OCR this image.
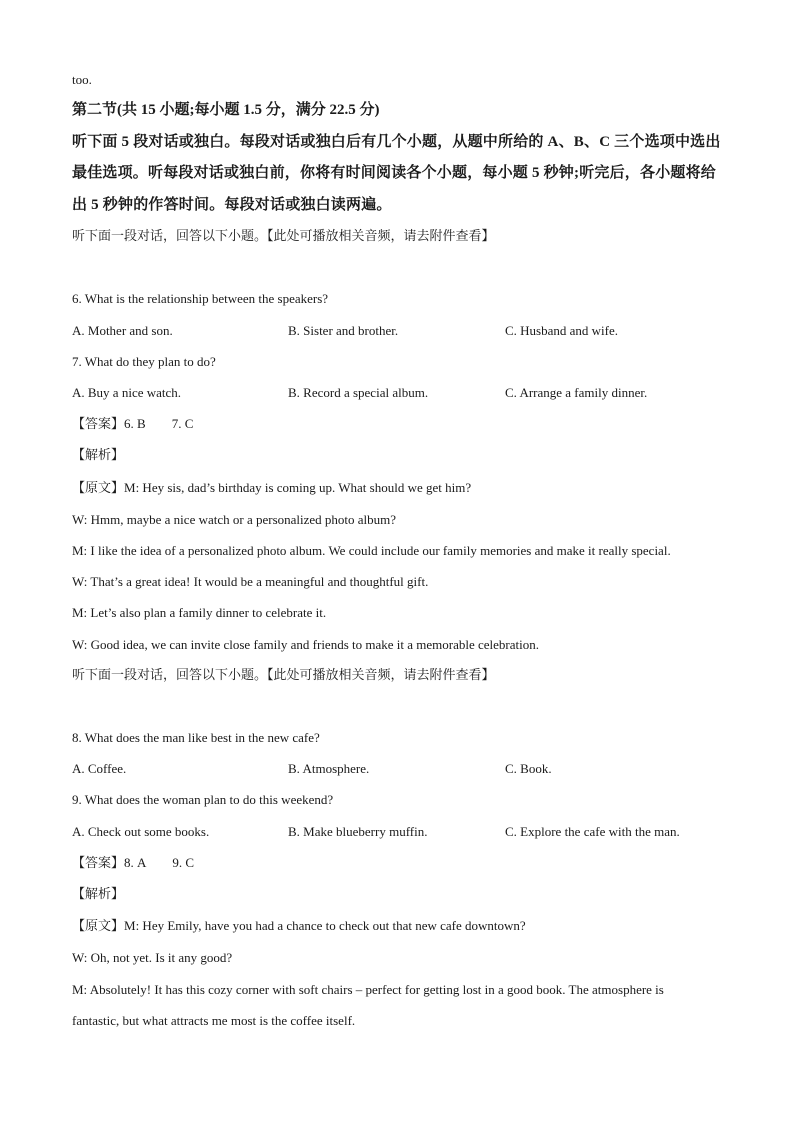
too.
第二节(共 15 小题;每小题 1.5 分，满分 22.5 分)
听下面 5 段对话或独白。每段对话或独白后有几个小题，从题中所给的 A、B、C 三个选项中选出最佳选项。听每段对话或独白前，你将有时间阅读各个小题，每小题 5 秒钟;听完后，各小题将给出 5 秒钟的作答时间。每段对话或独白读两遍。
听下面一段对话，回答以下小题。【此处可播放相关音频，请去附件查看】
6. What is the relationship between the speakers?
A. Mother and son.	B. Sister and brother.	C. Husband and wife.
7. What do they plan to do?
A. Buy a nice watch.	B. Record a special album.	C. Arrange a family dinner.
【答案】6. B 7. C
【解析】
【原文】M: Hey sis, dad’s birthday is coming up. What should we get him?
W: Hmm, maybe a nice watch or a personalized photo album?
M: I like the idea of a personalized photo album. We could include our family memories and make it really special.
W: That’s a great idea! It would be a meaningful and thoughtful gift.
M: Let’s also plan a family dinner to celebrate it.
W: Good idea, we can invite close family and friends to make it a memorable celebration.
听下面一段对话，回答以下小题。【此处可播放相关音频，请去附件查看】
8. What does the man like best in the new cafe?
A. Coffee.	B. Atmosphere.	C. Book.
9. What does the woman plan to do this weekend?
A. Check out some books.	B. Make blueberry muffin.	C. Explore the cafe with the man.
【答案】8. A 9. C
【解析】
【原文】M: Hey Emily, have you had a chance to check out that new cafe downtown?
W: Oh, not yet. Is it any good?
M: Absolutely! It has this cozy corner with soft chairs – perfect for getting lost in a good book. The atmosphere is
fantastic, but what attracts me most is the coffee itself.
